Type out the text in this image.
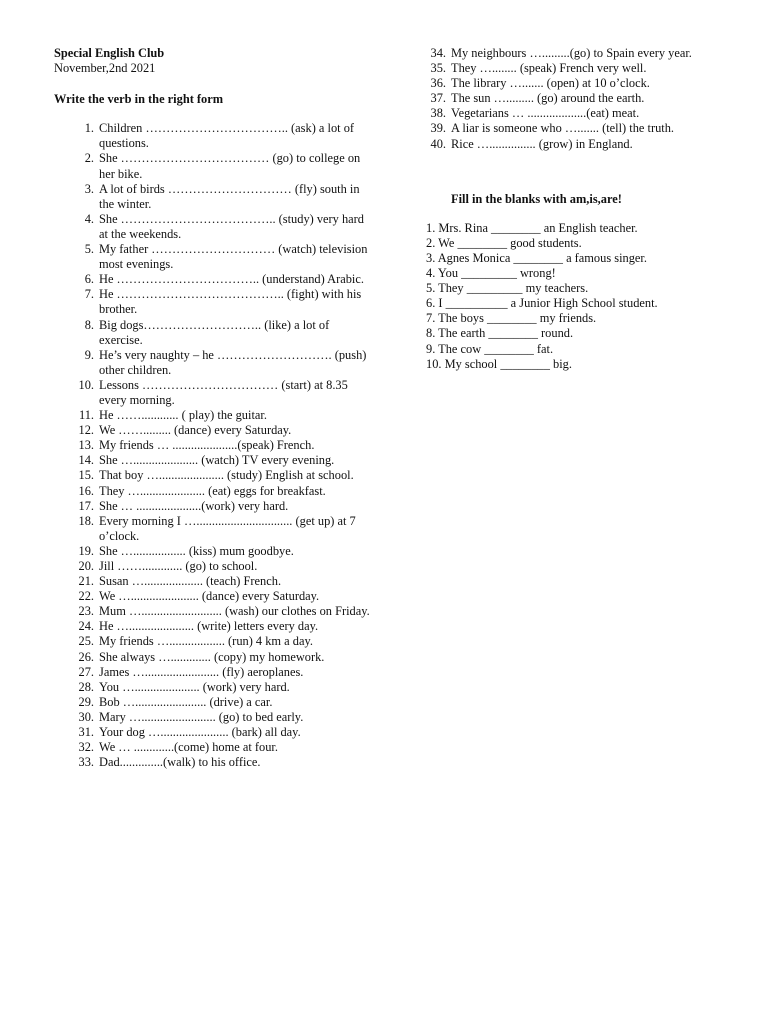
Special English Club

November,2nd 2021

Write the verb in the right form

1. Children …………………………….. (ask) a lot of questions.
2. She ……………………………… (go) to college on her bike.
3. A lot of birds ………………………… (fly) south in the winter.
4. She ……………………………….. (study) very hard at the weekends.
5. My father ………………………… (watch) television most evenings.
6. He …………………………….. (understand) Arabic.
7. He ………………………………….. (fight) with his brother.
8. Big dogs……………………….. (like) a lot of exercise.
9. He’s very naughty – he ………………………. (push) other children.
10. Lessons …………………………… (start) at 8.35 every morning.
11. He ……............ ( play) the guitar.
12. We ……......... (dance) every Saturday.
13. My friends … .....................(speak) French.
14. She …..................... (watch) TV every evening.
15. That boy …..................... (study) English at school.
16. They …..................... (eat) eggs for breakfast.
17. She … .....................(work) very hard.
18. Every morning I …............................... (get up) at 7 o’clock.
19. She …................. (kiss) mum goodbye.
20. Jill ……............. (go) to school.
21. Susan …................... (teach) French.
22. We …...................... (dance) every Saturday.
23. Mum ….......................... (wash) our clothes on Friday.
24. He …..................... (write) letters every day.
25. My friends ….................. (run) 4 km a day.
26. She always …............. (copy) my homework.
27. James …........................ (fly) aeroplanes.
28. You …..................... (work) very hard.
29. Bob …....................... (drive) a car.
30. Mary …........................ (go) to bed early.
31. Your dog …...................... (bark) all day.
32. We … .............(come) home at four.
33. Dad..............(walk) to his office.
34. My neighbours ….........(go) to Spain every year.
35. They …........ (speak) French very well.
36. The library …....... (open) at 10 o’clock.
37. The sun …......... (go) around the earth.
38. Vegetarians … ...................(eat) meat.
39. A liar is someone who …....... (tell) the truth.
40. Rice …............... (grow) in England.

Fill in the blanks with am,is,are!

1. Mrs. Rina ________ an English teacher.
2. We ________ good students.
3. Agnes Monica ________ a famous singer.
4. You _________ wrong!
5. They _________ my teachers.
6. I __________ a Junior High School student.
7. The boys ________ my friends.
8. The earth ________ round.
9. The cow ________ fat.
10. My school ________ big.
